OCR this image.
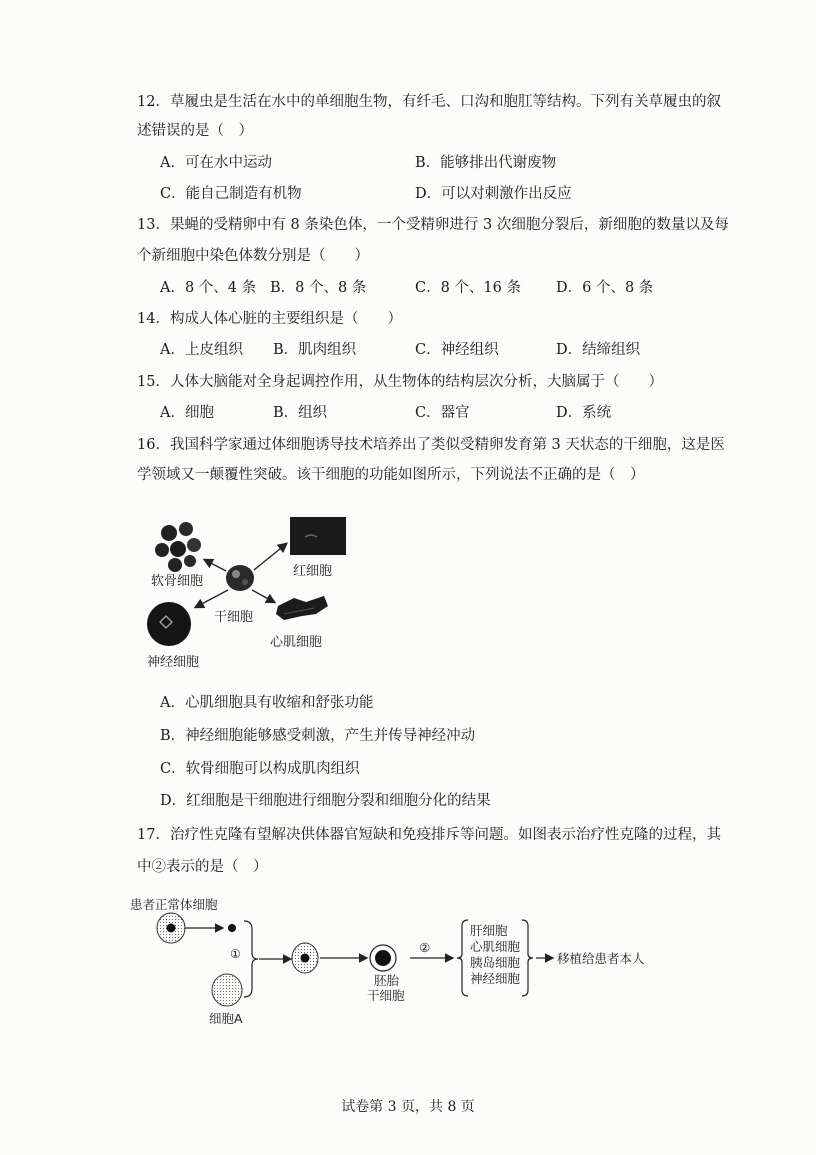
12．草履虫是生活在水中的单细胞生物，有纤毛、口沟和胞肛等结构。下列有关草履虫的叙
述错误的是（　）
A．可在水中运动	B．能够排出代谢废物
C．能自己制造有机物	D．可以对刺激作出反应
13．果蝇的受精卵中有 8 条染色体，一个受精卵进行 3 次细胞分裂后，新细胞的数量以及每
个新细胞中染色体数分别是（　　）
A．8 个、4 条 B．8 个、8 条	C．8 个、16 条 D．6 个、8 条
14．构成人体心脏的主要组织是（　　）
A．上皮组织 B．肌肉组织	C．神经组织	D．结缔组织
15．人体大脑能对全身起调控作用，从生物体的结构层次分析，大脑属于（　　）
A．细胞	B．组织	C．器官	D．系统
16．我国科学家通过体细胞诱导技术培养出了类似受精卵发育第 3 天状态的干细胞，这是医
学领域又一颠覆性突破。该干细胞的功能如图所示，下列说法不正确的是（　）
软骨细胞
红细胞
干细胞
心肌细胞
神经细胞
A．心肌细胞具有收缩和舒张功能
B．神经细胞能够感受刺激，产生并传导神经冲动
C．软骨细胞可以构成肌肉组织
D．红细胞是干细胞进行细胞分裂和细胞分化的结果
17．治疗性克隆有望解决供体器官短缺和免疫排斥等问题。如图表示治疗性克隆的过程，其
中②表示的是（　）
患者正常体细胞
①
细胞A
胚胎
干细胞
②
肝细胞
心肌细胞
胰岛细胞
神经细胞
移植给患者本人
试卷第 3 页，共 8 页
